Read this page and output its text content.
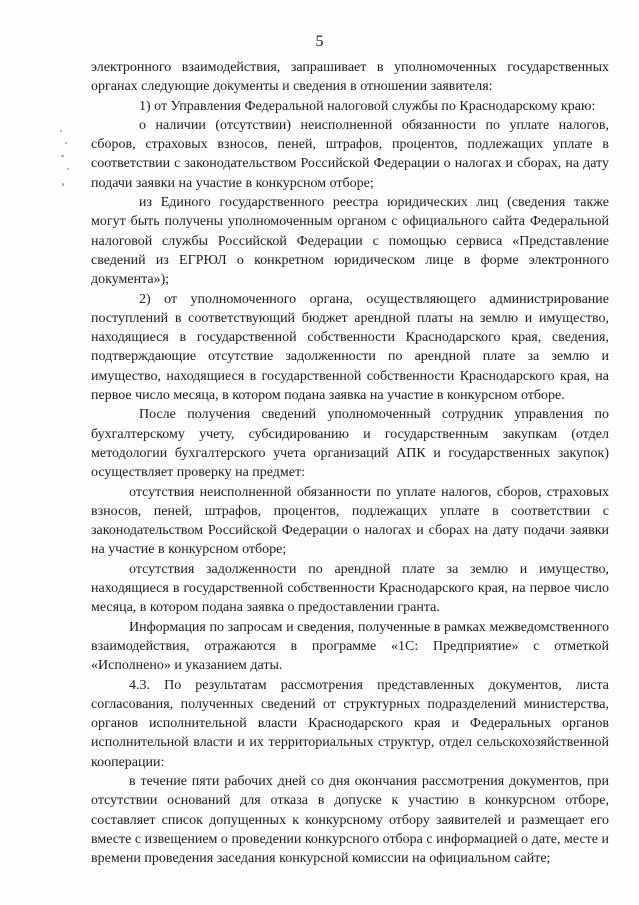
5

электронного взаимодействия, запрашивает в уполномоченных государственных органах следующие документы и сведения в отношении заявителя:

1) от Управления Федеральной налоговой службы по Краснодарскому краю:

о наличии (отсутствии) неисполненной обязанности по уплате налогов, сборов, страховых взносов, пеней, штрафов, процентов, подлежащих уплате в соответствии с законодательством Российской Федерации о налогах и сборах, на дату подачи заявки на участие в конкурсном отборе;

из Единого государственного реестра юридических лиц (сведения также могут быть получены уполномоченным органом с официального сайта Федеральной налоговой службы Российской Федерации с помощью сервиса «Представление сведений из ЕГРЮЛ о конкретном юридическом лице в форме электронного документа»);

2) от уполномоченного органа, осуществляющего администрирование поступлений в соответствующий бюджет арендной платы на землю и имущество, находящиеся в государственной собственности Краснодарского края, сведения, подтверждающие отсутствие задолженности по арендной плате за землю и имущество, находящиеся в государственной собственности Краснодарского края, на первое число месяца, в котором подана заявка на участие в конкурсном отборе.

После получения сведений уполномоченный сотрудник управления по бухгалтерскому учету, субсидированию и государственным закупкам (отдел методологии бухгалтерского учета организаций АПК и государственных закупок) осуществляет проверку на предмет:

отсутствия неисполненной обязанности по уплате налогов, сборов, страховых взносов, пеней, штрафов, процентов, подлежащих уплате в соответствии с законодательством Российской Федерации о налогах и сборах на дату подачи заявки на участие в конкурсном отборе;

отсутствия задолженности по арендной плате за землю и имущество, находящиеся в государственной собственности Краснодарского края, на первое число месяца, в котором подана заявка о предоставлении гранта.

Информация по запросам и сведения, полученные в рамках межведомственного взаимодействия, отражаются в программе «1С: Предприятие» с отметкой «Исполнено» и указанием даты.

4.3. По результатам рассмотрения представленных документов, листа согласования, полученных сведений от структурных подразделений министерства, органов исполнительной власти Краснодарского края и Федеральных органов исполнительной власти и их территориальных структур, отдел сельскохозяйственной кооперации:

в течение пяти рабочих дней со дня окончания рассмотрения документов, при отсутствии оснований для отказа в допуске к участию в конкурсном отборе, составляет список допущенных к конкурсному отбору заявителей и размещает его вместе с извещением о проведении конкурсного отбора с информацией о дате, месте и времени проведения заседания конкурсной комиссии на официальном сайте;
